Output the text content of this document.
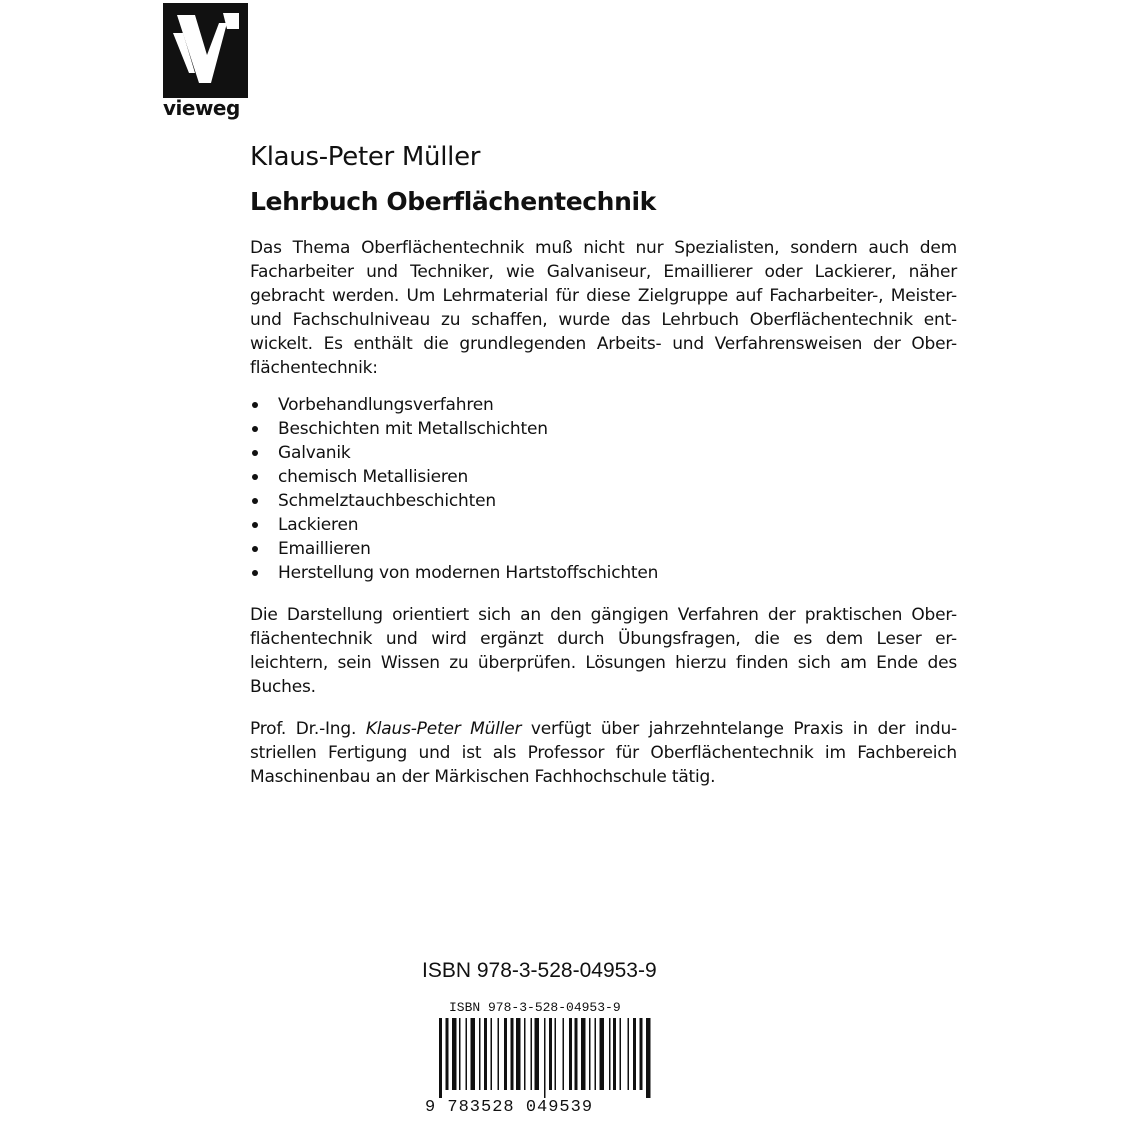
vieweg
Klaus-Peter Müller
Lehrbuch Oberflächentechnik
Das Thema Oberflächentechnik muß nicht nur Spezialisten, sondern auch dem
Facharbeiter und Techniker, wie Galvaniseur, Emaillierer oder Lackierer, näher
gebracht werden. Um Lehrmaterial für diese Zielgruppe auf Facharbeiter-, Meister-
und Fachschulniveau zu schaffen, wurde das Lehrbuch Oberflächentechnik ent-
wickelt. Es enthält die grundlegenden Arbeits- und Verfahrensweisen der Ober-
flächentechnik:
Vorbehandlungsverfahren
Beschichten mit Metallschichten
Galvanik
chemisch Metallisieren
Schmelztauchbeschichten
Lackieren
Emaillieren
Herstellung von modernen Hartstoffschichten
Die Darstellung orientiert sich an den gängigen Verfahren der praktischen Ober-
flächentechnik und wird ergänzt durch Übungsfragen, die es dem Leser er-
leichtern, sein Wissen zu überprüfen. Lösungen hierzu finden sich am Ende des
Buches.
Prof. Dr.-Ing. Klaus-Peter Müller verfügt über jahrzehntelange Praxis in der indu-
striellen Fertigung und ist als Professor für Oberflächentechnik im Fachbereich
Maschinenbau an der Märkischen Fachhochschule tätig.
ISBN 978-3-528-04953-9
ISBN 978-3-528-04953-9
9 783528 049539
